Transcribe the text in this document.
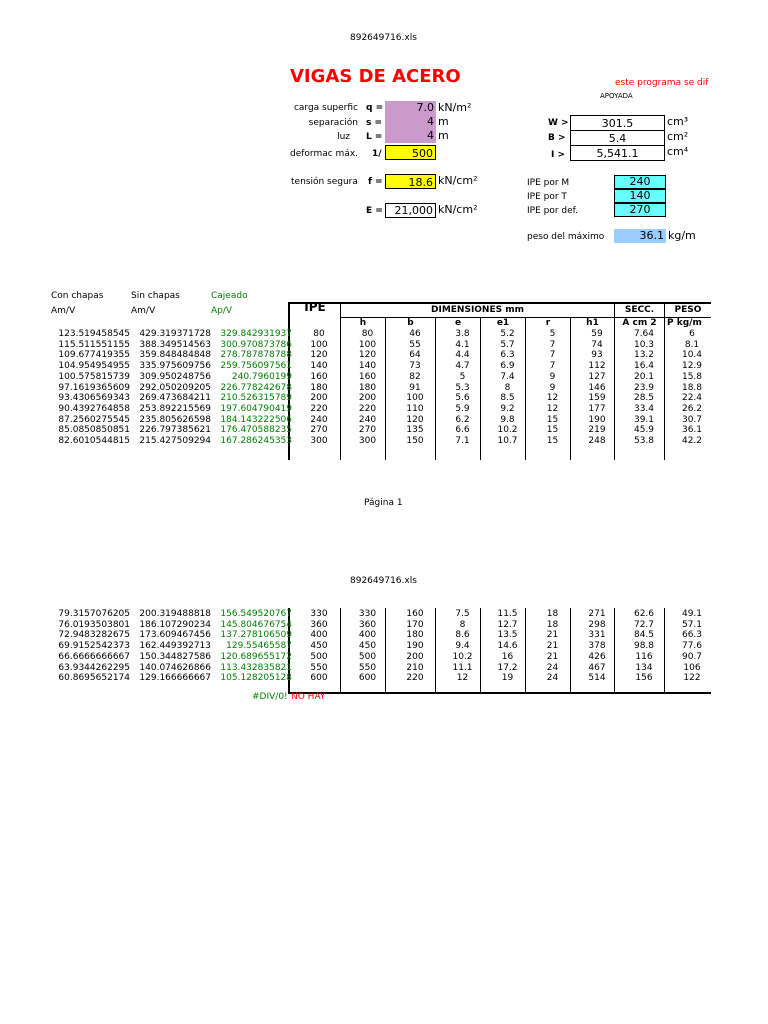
892649716.xls
VIGAS DE ACERO	este programa se dif
APOYADA
carga superfic q =	7.0 kN/m²
separación s =	4 m
luz L =	4 m
deformac máx. 1/	500
tensión segura f =	18.6 kN/cm²
E =	21,000 kN/cm²
W >	301.5	cm³
B >	5.4	cm²
I >	5,541.1	cm⁴
IPE por M	240
IPE por T	140
IPE por def.	270
peso del máximo	36.1 kg/m
Con chapas	Sin chapas	Cajeado
Am/V	Am/V	Ap/V	IPE	DIMENSIONES mm	SECC.	PESO
h	b	e	e1	r	h1	A cm 2	P kg/m
123.519458545	429.319371728	329.842931937	80	80	46	3.8	5.2	5	59	7.64	6
115.511551155	388.349514563	300.970873786	100	100	55	4.1	5.7	7	74	10.3	8.1
109.677419355	359.848484848	278.787878788	120	120	64	4.4	6.3	7	93	13.2	10.4
104.954954955	335.975609756	259.756097561	140	140	73	4.7	6.9	7	112	16.4	12.9
100.575815739	309.950248756	240.7960199	160	160	82	5	7.4	9	127	20.1	15.8
97.1619365609	292.050209205	226.778242678	180	180	91	5.3	8	9	146	23.9	18.8
93.4306569343	269.473684211	210.526315789	200	200	100	5.6	8.5	12	159	28.5	22.4
90.4392764858	253.892215569	197.604790419	220	220	110	5.9	9.2	12	177	33.4	26.2
87.2560275545	235.805626598	184.143222506	240	240	120	6.2	9.8	15	190	39.1	30.7
85.0850850851	226.797385621	176.470588235	270	270	135	6.6	10.2	15	219	45.9	36.1
82.6010544815	215.427509294	167.286245353	300	300	150	7.1	10.7	15	248	53.8	42.2
Página 1
892649716.xls
79.3157076205	200.319488818	156.549520767	330	330	160	7.5	11.5	18	271	62.6	49.1
76.0193503801	186.107290234	145.804676754	360	360	170	8	12.7	18	298	72.7	57.1
72.9483282675	173.609467456	137.278106509	400	400	180	8.6	13.5	21	331	84.5	66.3
69.9152542373	162.449392713	129.55465587	450	450	190	9.4	14.6	21	378	98.8	77.6
66.6666666667	150.344827586	120.689655172	500	500	200	10.2	16	21	426	116	90.7
63.9344262295	140.074626866	113.432835821	550	550	210	11.1	17.2	24	467	134	106
60.8695652174	129.166666667	105.128205128	600	600	220	12	19	24	514	156	122
#DIV/0! NO HAY
